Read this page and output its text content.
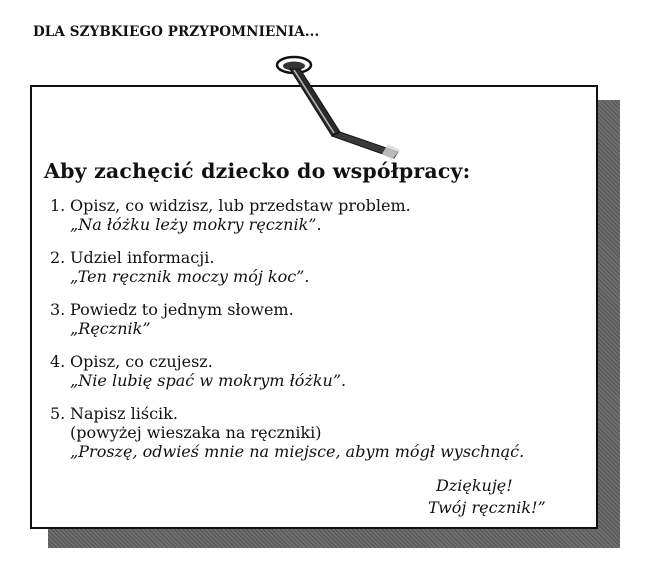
DLA SZYBKIEGO PRZYPOMNIENIA...
Aby zachęcić dziecko do współpracy:
1. Opisz, co widzisz, lub przedstaw problem.
„Na łóżku leży mokry ręcznik”.
2. Udziel informacji.
„Ten ręcznik moczy mój koc”.
3. Powiedz to jednym słowem.
„Ręcznik”
4. Opisz, co czujesz.
„Nie lubię spać w mokrym łóżku”.
5. Napisz liścik.
(powyżej wieszaka na ręczniki)
„Proszę, odwieś mnie na miejsce, abym mógł wyschnąć.
Dziękuję!
Twój ręcznik!”
